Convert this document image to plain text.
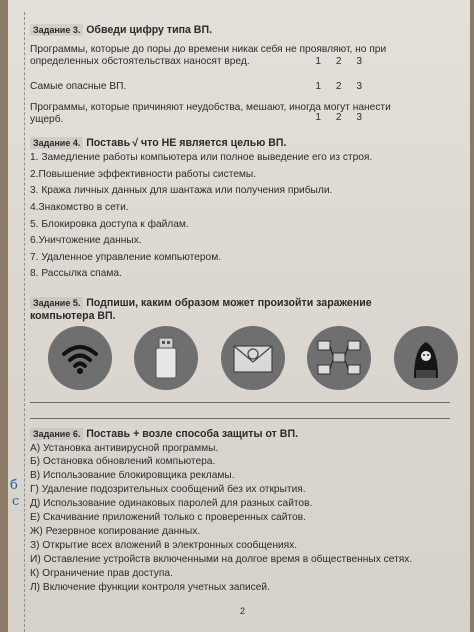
Задание 3. Обведи цифру типа ВП.
Программы, которые до поры до времени никак себя не проявляют, но при
определенных обстоятельствах наносят вред.	1 2 3
Самые опасные ВП.	1 2 3
Программы, которые причиняют неудобства, мешают, иногда могут нанести
ущерб.	1 2 3
Задание 4. Поставь √ что НЕ является целью ВП.
1. Замедление работы компьютера или полное выведение его из строя.
2.Повышение эффективности работы системы.
3. Кража личных данных для шантажа или получения прибыли.
4.Знакомство в сети.
5. Блокировка доступа к файлам.
6.Уничтожение данных.
7. Удаленное управление компьютером.
8. Рассылка спама.
Задание 5. Подпиши, каким образом может произойти заражение
компьютера ВП.
Задание 6. Поставь + возле способа защиты от ВП.
А) Установка антивирусной программы.
Б) Остановка обновлений компьютера.
В) Использование блокировщика рекламы.
Г) Удаление подозрительных сообщений без их открытия.
Д) Использование одинаковых паролей для разных сайтов.
Е) Скачивание приложений только с проверенных сайтов.
Ж) Резервное копирование данных.
З) Открытие всех вложений в электронных сообщениях.
И) Оставление устройств включенными на долгое время в общественных сетях.
К) Ограничение прав доступа.
Л) Включение функции контроля учетных записей.
2
б
с
